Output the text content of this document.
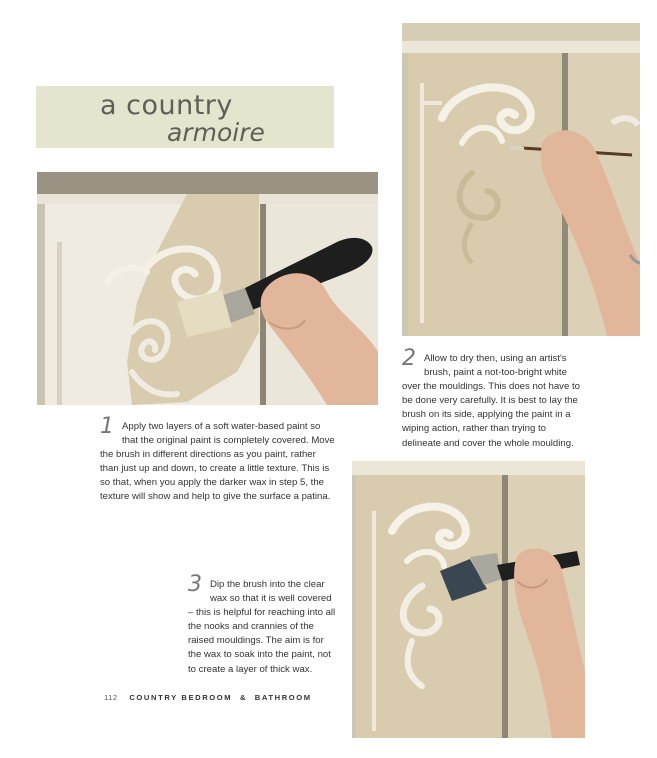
a country
armoire
1 Apply two layers of a soft water-based paint so that the original paint is completely covered. Move the brush in different directions as you paint, rather than just up and down, to create a little texture. This is so that, when you apply the darker wax in step 5, the texture will show and help to give the surface a patina.
2 Allow to dry then, using an artist's brush, paint a not-too-bright white over the mouldings. This does not have to be done very carefully. It is best to lay the brush on its side, applying the paint in a wiping action, rather than trying to delineate and cover the whole moulding.
3 Dip the brush into the clear wax so that it is well covered – this is helpful for reaching into all the nooks and crannies of the raised mouldings. The aim is for the wax to soak into the paint, not to create a layer of thick wax.
112 COUNTRY BEDROOM & BATHROOM
